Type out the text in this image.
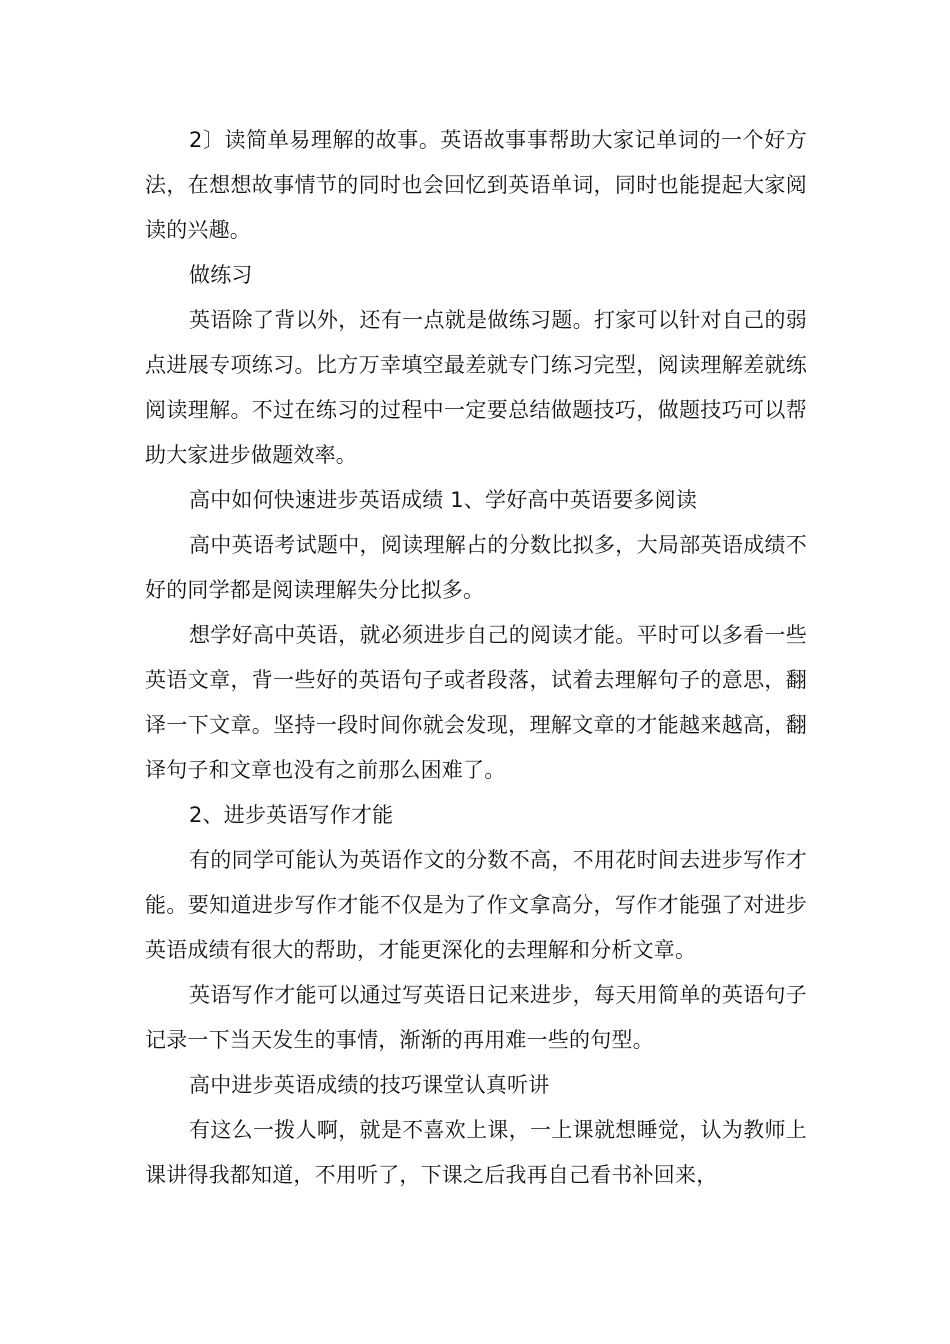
2〕读简单易理解的故事。英语故事事帮助大家记单词的一个好方法，在想想故事情节的同时也会回忆到英语单词，同时也能提起大家阅读的兴趣。

做练习

英语除了背以外，还有一点就是做练习题。打家可以针对自己的弱点进展专项练习。比方万幸填空最差就专门练习完型，阅读理解差就练阅读理解。不过在练习的过程中一定要总结做题技巧，做题技巧可以帮助大家进步做题效率。

高中如何快速进步英语成绩 1、学好高中英语要多阅读

高中英语考试题中，阅读理解占的分数比拟多，大局部英语成绩不好的同学都是阅读理解失分比拟多。

想学好高中英语，就必须进步自己的阅读才能。平时可以多看一些英语文章，背一些好的英语句子或者段落，试着去理解句子的意思，翻译一下文章。坚持一段时间你就会发现，理解文章的才能越来越高，翻译句子和文章也没有之前那么困难了。

2、进步英语写作才能

有的同学可能认为英语作文的分数不高，不用花时间去进步写作才能。要知道进步写作才能不仅是为了作文拿高分，写作才能强了对进步英语成绩有很大的帮助，才能更深化的去理解和分析文章。

英语写作才能可以通过写英语日记来进步，每天用简单的英语句子记录一下当天发生的事情，渐渐的再用难一些的句型。

高中进步英语成绩的技巧课堂认真听讲

有这么一拨人啊，就是不喜欢上课，一上课就想睡觉，认为教师上课讲得我都知道，不用听了，下课之后我再自己看书补回来，
